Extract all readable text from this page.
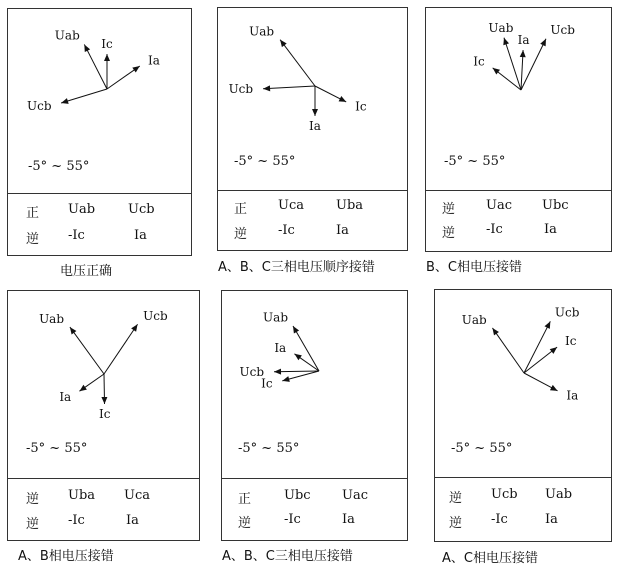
Uab
Ic
Ia
Ucb
-5° ~ 55°
正 Uab	Ucb
逆 -Ic	Ia
电压正确
Uab
Ucb
Ic
Ia
-5° ~ 55°
正 Uca Uba
逆 -Ic	Ia
A、B、C三相电压顺序接错
Uab
Ia
Ucb
Ic
-5° ~ 55°
逆 Uac Ubc
逆 -Ic	Ia
B、C相电压接错
Uab	Ucb
Ia
Ic
-5° ~ 55°
逆 Uba Uca
逆 -Ic	Ia
A、B相电压接错
Uab
Ia
Ucb
Ic
-5° ~ 55°
正	Ubc Uac
逆	-Ic	Ia
A、B、C三相电压接错
Uab
Ucb
Ic
Ia
-5° ~ 55°
逆 Ucb Uab
逆 -Ic	Ia
A、C相电压接错
